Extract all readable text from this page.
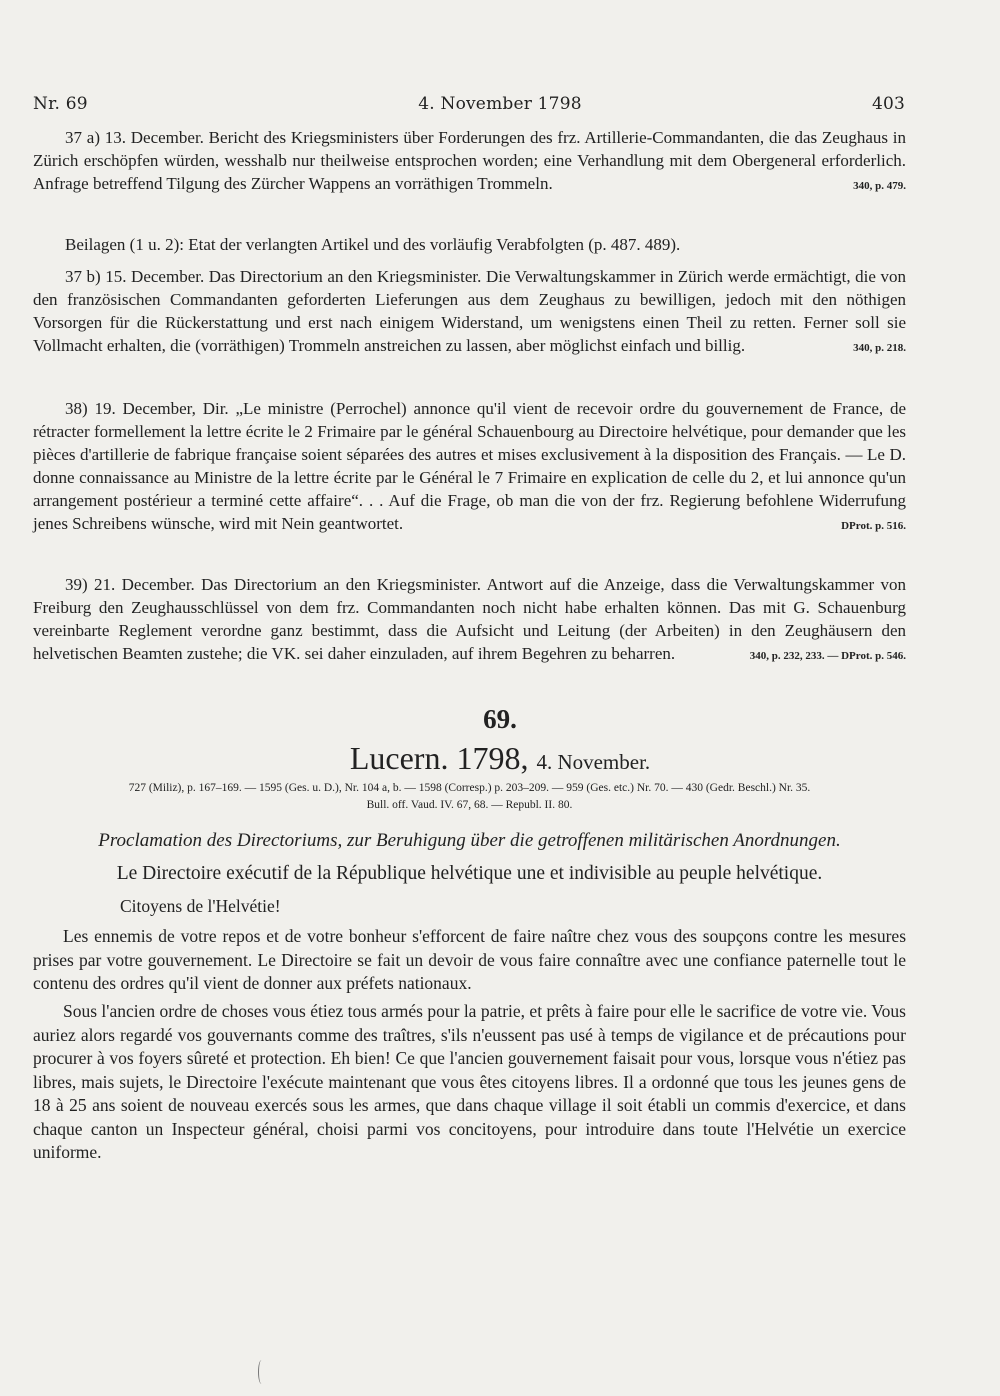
Nr. 69	4. November 1798	403
37 a) 13. December. Bericht des Kriegsministers über Forderungen des frz. Artillerie-Commandanten, die das Zeughaus in Zürich erschöpfen würden, wesshalb nur theilweise entsprochen worden; eine Verhandlung mit dem Obergeneral erforderlich. Anfrage betreffend Tilgung des Zürcher Wappens an vorräthigen Trommeln.	340, p. 479.
Beilagen (1 u. 2): Etat der verlangten Artikel und des vorläufig Verabfolgten (p. 487. 489).
37 b) 15. December. Das Directorium an den Kriegsminister. Die Verwaltungskammer in Zürich werde ermächtigt, die von den französischen Commandanten geforderten Lieferungen aus dem Zeughaus zu bewilligen, jedoch mit den nöthigen Vorsorgen für die Rückerstattung und erst nach einigem Widerstand, um wenigstens einen Theil zu retten. Ferner soll sie Vollmacht erhalten, die (vorräthigen) Trommeln anstreichen zu lassen, aber möglichst einfach und billig.	340, p. 218.
38) 19. December, Dir. „Le ministre (Perrochel) annonce qu'il vient de recevoir ordre du gouvernement de France, de rétracter formellement la lettre écrite le 2 Frimaire par le général Schauenbourg au Directoire helvétique, pour demander que les pièces d'artillerie de fabrique française soient séparées des autres et mises exclusivement à la disposition des Français. — Le D. donne connaissance au Ministre de la lettre écrite par le Général le 7 Frimaire en explication de celle du 2, et lui annonce qu'un arrangement postérieur a terminé cette affaire“. . . Auf die Frage, ob man die von der frz. Regierung befohlene Widerrufung jenes Schreibens wünsche, wird mit Nein geantwortet.	DProt. p. 516.
39) 21. December. Das Directorium an den Kriegsminister. Antwort auf die Anzeige, dass die Verwaltungskammer von Freiburg den Zeughausschlüssel von dem frz. Commandanten noch nicht habe erhalten können. Das mit G. Schauenburg vereinbarte Reglement verordne ganz bestimmt, dass die Aufsicht und Leitung (der Arbeiten) in den Zeughäusern den helvetischen Beamten zustehe; die VK. sei daher einzuladen, auf ihrem Begehren zu beharren.	340, p. 232, 233. — DProt. p. 546.
69.
Lucern. 1798, 4. November.
727 (Miliz), p. 167–169. — 1595 (Ges. u. D.), Nr. 104 a, b. — 1598 (Corresp.) p. 203–209. — 959 (Ges. etc.) Nr. 70. — 430 (Gedr. Beschl.) Nr. 35.
Bull. off. Vaud. IV. 67, 68. — Republ. II. 80.
Proclamation des Directoriums, zur Beruhigung über die getroffenen militärischen Anordnungen.
Le Directoire exécutif de la République helvétique une et indivisible au peuple helvétique.
Citoyens de l'Helvétie!
Les ennemis de votre repos et de votre bonheur s'efforcent de faire naître chez vous des soupçons contre les mesures prises par votre gouvernement. Le Directoire se fait un devoir de vous faire connaître avec une confiance paternelle tout le contenu des ordres qu'il vient de donner aux préfets nationaux.
Sous l'ancien ordre de choses vous étiez tous armés pour la patrie, et prêts à faire pour elle le sacrifice de votre vie. Vous auriez alors regardé vos gouvernants comme des traîtres, s'ils n'eussent pas usé à temps de vigilance et de précautions pour procurer à vos foyers sûreté et protection. Eh bien! Ce que l'ancien gouvernement faisait pour vous, lorsque vous n'étiez pas libres, mais sujets, le Directoire l'exécute maintenant que vous êtes citoyens libres. Il a ordonné que tous les jeunes gens de 18 à 25 ans soient de nouveau exercés sous les armes, que dans chaque village il soit établi un commis d'exercice, et dans chaque canton un Inspecteur général, choisi parmi vos concitoyens, pour introduire dans toute l'Helvétie un exercice uniforme.
